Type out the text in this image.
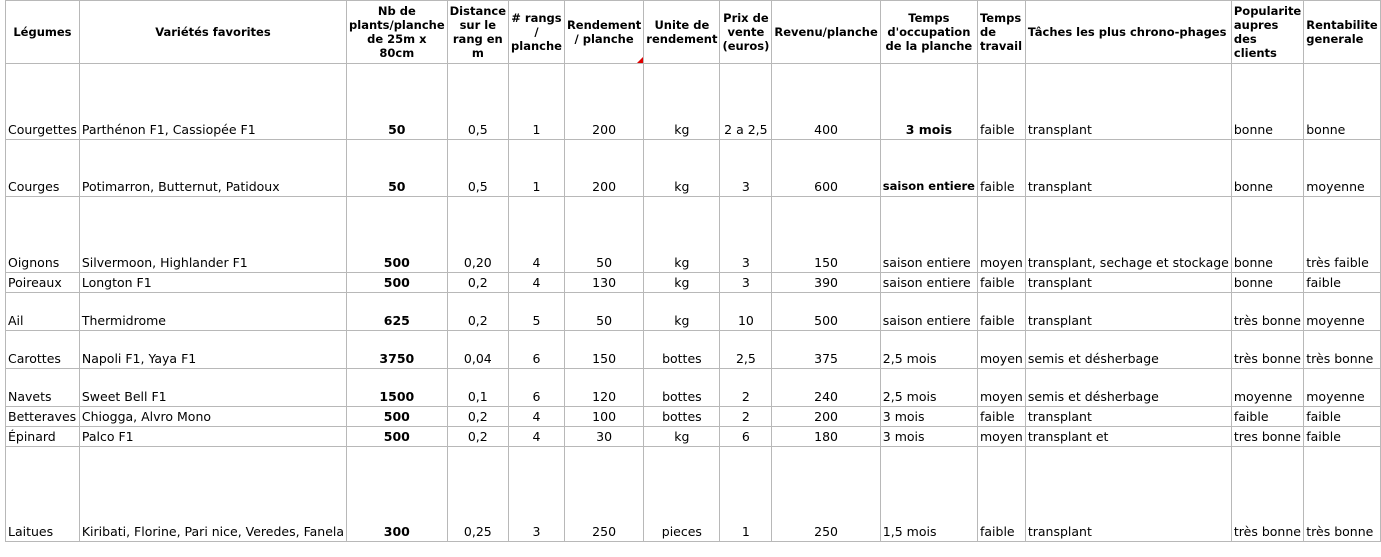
Légumes	Variétés favorites	Nb de plants/planche de 25m x 80cm	Distance sur le rang en m	# rangs / planche	Rendement / planche	Unite de rendement	Prix de vente (euros)	Revenu/planche	Temps d'occupation de la planche	Temps de travail	Tâches les plus chrono-phages	Popularite aupres des clients	Rentabilite generale
Courgettes	Parthénon F1, Cassiopée F1	50	0,5	1	200	kg	2 a 2,5	400	3 mois	faible	transplant	bonne	bonne
Courges	Potimarron, Butternut, Patidoux	50	0,5	1	200	kg	3	600	saison entiere	faible	transplant	bonne	moyenne
Oignons	Silvermoon, Highlander F1	500	0,20	4	50	kg	3	150	saison entiere	moyen	transplant, sechage et stockage	bonne	très faible
Poireaux	Longton F1	500	0,2	4	130	kg	3	390	saison entiere	faible	transplant	bonne	faible
Ail	Thermidrome	625	0,2	5	50	kg	10	500	saison entiere	faible	transplant	très bonne	moyenne
Carottes	Napoli F1, Yaya F1	3750	0,04	6	150	bottes	2,5	375	2,5 mois	moyen	semis et désherbage	très bonne	très bonne
Navets	Sweet Bell F1	1500	0,1	6	120	bottes	2	240	2,5 mois	moyen	semis et désherbage	moyenne	moyenne
Betteraves	Chiogga, Alvro Mono	500	0,2	4	100	bottes	2	200	3 mois	faible	transplant	faible	faible
Épinard	Palco F1	500	0,2	4	30	kg	6	180	3 mois	moyen	transplant et	tres bonne	faible
Laitues	Kiribati, Florine, Pari nice, Veredes, Fanela	300	0,25	3	250	pieces	1	250	1,5 mois	faible	transplant	très bonne	très bonne
